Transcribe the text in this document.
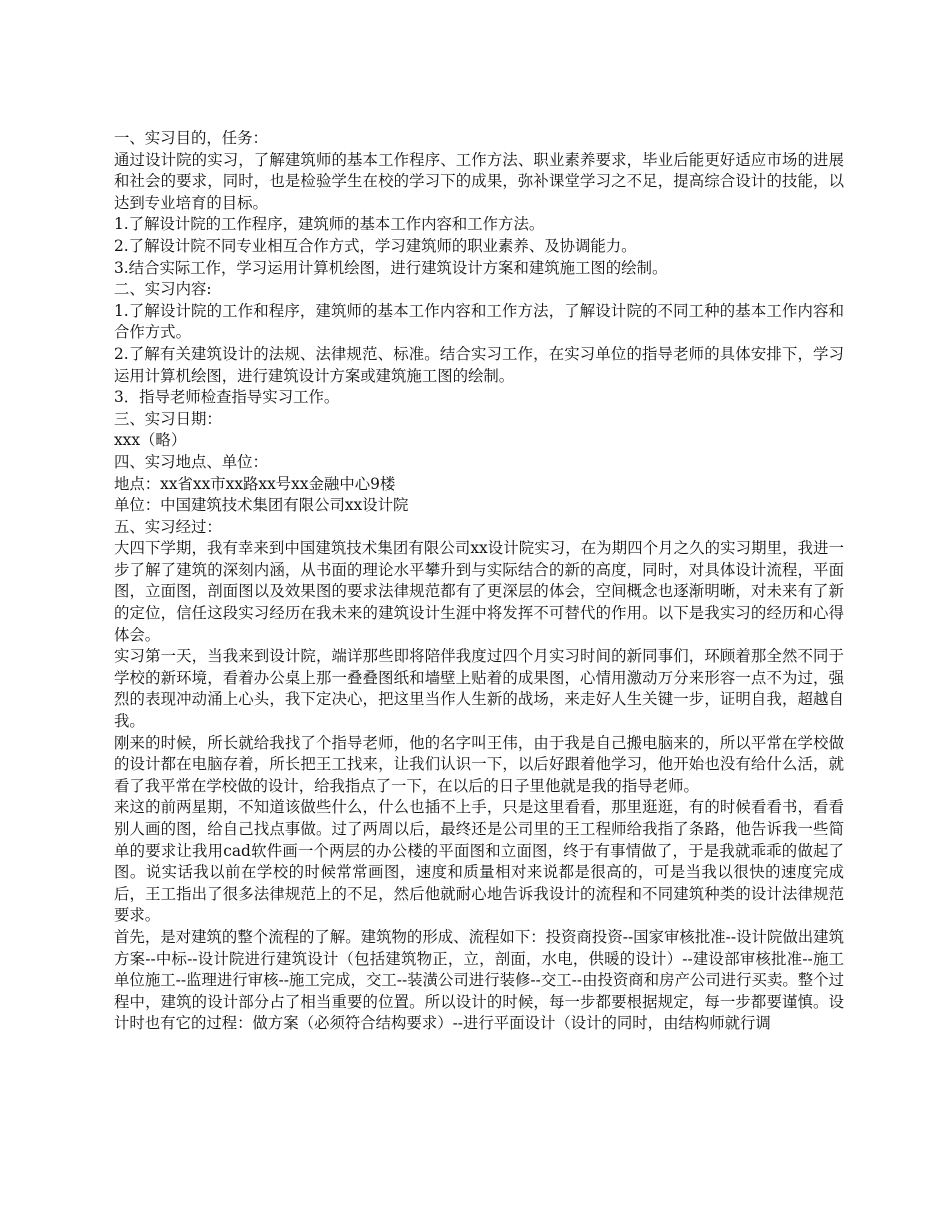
一、实习目的，任务：

通过设计院的实习，了解建筑师的基本工作程序、工作方法、职业素养要求，毕业后能更好适应市场的进展和社会的要求，同时，也是检验学生在校的学习下的成果，弥补课堂学习之不足，提高综合设计的技能，以达到专业培育的目标。

1.了解设计院的工作程序，建筑师的基本工作内容和工作方法。

2.了解设计院不同专业相互合作方式，学习建筑师的职业素养、及协调能力。

3.结合实际工作，学习运用计算机绘图，进行建筑设计方案和建筑施工图的绘制。

二、实习内容:

1.了解设计院的工作和程序，建筑师的基本工作内容和工作方法，了解设计院的不同工种的基本工作内容和合作方式。

2.了解有关建筑设计的法规、法律规范、标准。结合实习工作，在实习单位的指导老师的具体安排下，学习运用计算机绘图，进行建筑设计方案或建筑施工图的绘制。

3．指导老师检查指导实习工作。

三、实习日期：

xxx（略）

四、实习地点、单位：

地点：xx省xx市xx路xx号xx金融中心9楼

单位：中国建筑技术集团有限公司xx设计院

五、实习经过：

大四下学期，我有幸来到中国建筑技术集团有限公司xx设计院实习，在为期四个月之久的实习期里，我进一步了解了建筑的深刻内涵，从书面的理论水平攀升到与实际结合的新的高度，同时，对具体设计流程，平面图，立面图，剖面图以及效果图的要求法律规范都有了更深层的体会，空间概念也逐渐明晰，对未来有了新的定位，信任这段实习经历在我未来的建筑设计生涯中将发挥不可替代的作用。以下是我实习的经历和心得体会。

实习第一天，当我来到设计院，端详那些即将陪伴我度过四个月实习时间的新同事们，环顾着那全然不同于学校的新环境，看着办公桌上那一叠叠图纸和墙壁上贴着的成果图，心情用激动万分来形容一点不为过，强烈的表现冲动涌上心头，我下定决心，把这里当作人生新的战场，来走好人生关键一步，证明自我，超越自我。

刚来的时候，所长就给我找了个指导老师，他的名字叫王伟，由于我是自己搬电脑来的，所以平常在学校做的设计都在电脑存着，所长把王工找来，让我们认识一下，以后好跟着他学习，他开始也没有给什么活，就看了我平常在学校做的设计，给我指点了一下，在以后的日子里他就是我的指导老师。

来这的前两星期，不知道该做些什么，什么也插不上手，只是这里看看，那里逛逛，有的时候看看书，看看别人画的图，给自己找点事做。过了两周以后，最终还是公司里的王工程师给我指了条路，他告诉我一些简单的要求让我用cad软件画一个两层的办公楼的平面图和立面图，终于有事情做了，于是我就乖乖的做起了图。说实话我以前在学校的时候常常画图，速度和质量相对来说都是很高的，可是当我以很快的速度完成后，王工指出了很多法律规范上的不足，然后他就耐心地告诉我设计的流程和不同建筑种类的设计法律规范要求。

首先，是对建筑的整个流程的了解。建筑物的形成、流程如下：投资商投资--国家审核批准--设计院做出建筑方案--中标--设计院进行建筑设计（包括建筑物正，立，剖面，水电，供暖的设计）--建设部审核批准--施工单位施工--监理进行审核--施工完成，交工--装潢公司进行装修--交工--由投资商和房产公司进行买卖。整个过程中，建筑的设计部分占了相当重要的位置。所以设计的时候，每一步都要根据规定，每一步都要谨慎。设计时也有它的过程：做方案（必须符合结构要求）--进行平面设计（设计的同时，由结构师就行调
